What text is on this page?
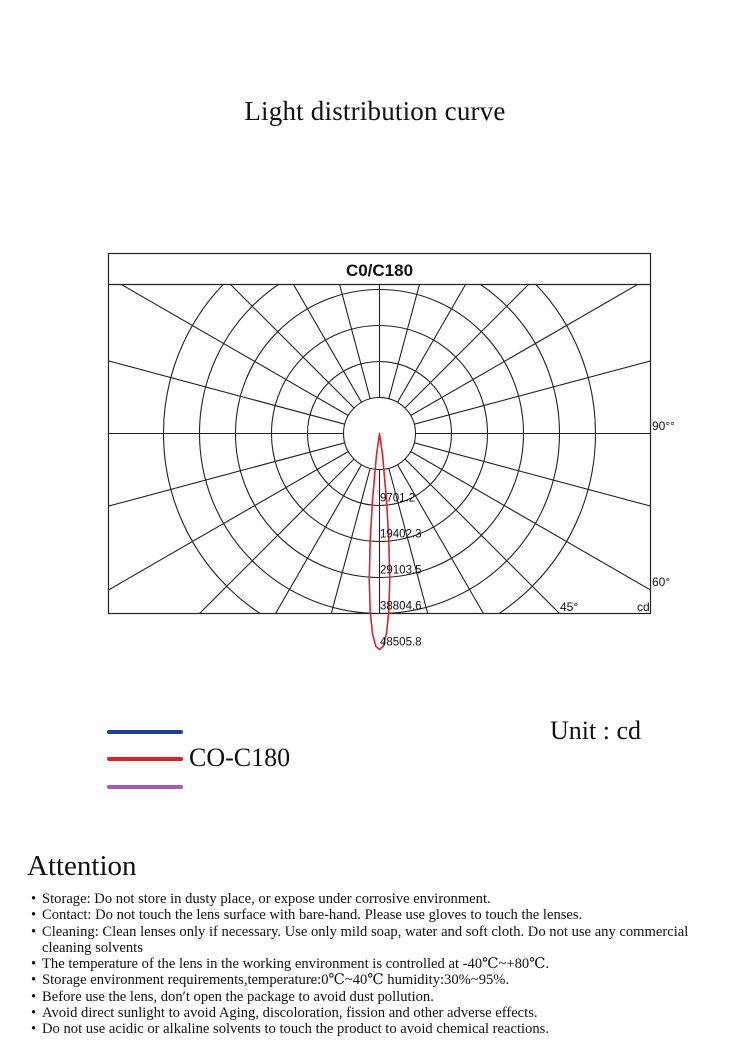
Light distribution curve
C0/C180
9701.2
19402.3
29103.5
38804.6
48505.8
90°°
60°
45°	cd
CO-C180
Unit : cd
Attention
• Storage: Do not store in dusty place, or expose under corrosive environment.
• Contact: Do not touch the lens surface with bare-hand. Please use gloves to touch the lenses.
• Cleaning: Clean lenses only if necessary. Use only mild soap, water and soft cloth. Do not use any commercial cleaning solvents
• The temperature of the lens in the working environment is controlled at -40℃~+80℃.
• Storage environment requirements,temperature:0℃~40℃ humidity:30%~95%.
• Before use the lens, don′t open the package to avoid dust pollution.
• Avoid direct sunlight to avoid Aging, discoloration, fission and other adverse effects.
• Do not use acidic or alkaline solvents to touch the product to avoid chemical reactions.
